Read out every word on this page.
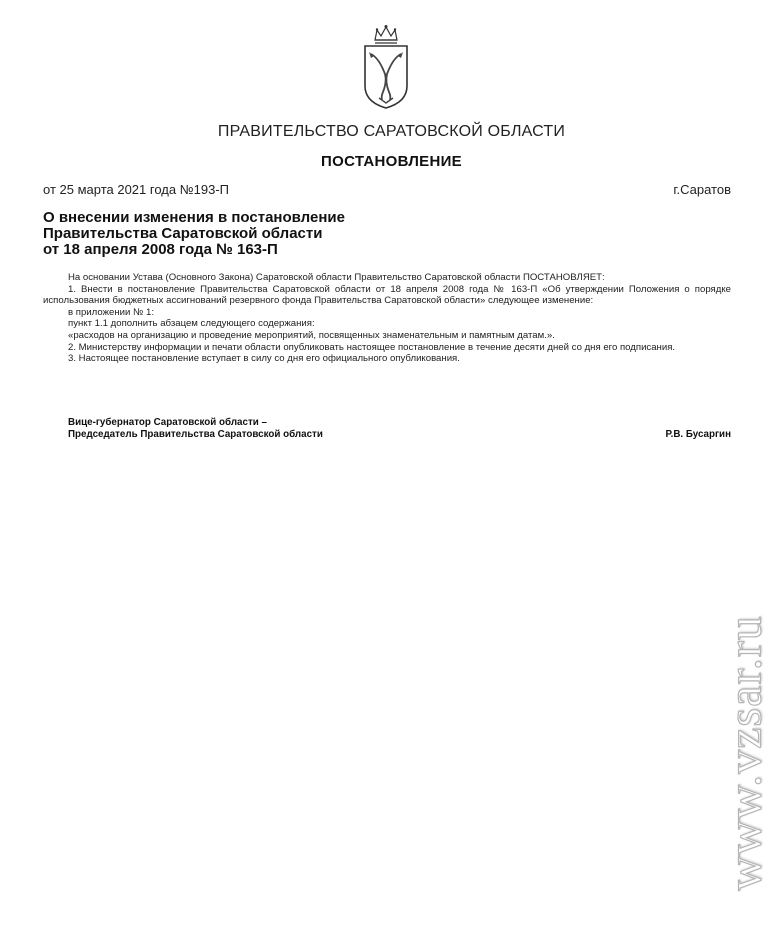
ПРАВИТЕЛЬСТВО САРАТОВСКОЙ ОБЛАСТИ
ПОСТАНОВЛЕНИЕ
от 25 марта 2021 года №193-П	г.Саратов
О внесении изменения в постановление
Правительства Саратовской области
от 18 апреля 2008 года № 163-П

На основании Устава (Основного Закона) Саратовской области Правительство Саратовской области ПОСТАНОВЛЯЕТ:

1. Внести в постановление Правительства Саратовской области от 18 апреля 2008 года № 163-П «Об утверждении Положения о порядке использования бюджетных ассигнований резервного фонда Правительства Саратовской области» следующее изменение:

в приложении № 1:

пункт 1.1 дополнить абзацем следующего содержания:

«расходов на организацию и проведение мероприятий, посвященных знаменательным и памятным датам.».

2. Министерству информации и печати области опубликовать настоящее постановление в течение десяти дней со дня его подписания.

3. Настоящее постановление вступает в силу со дня его официального опубликования.

Вице-губернатор Саратовской области –
Председатель Правительства Саратовской области	Р.В. Бусаргин
www.vzsar.ru
